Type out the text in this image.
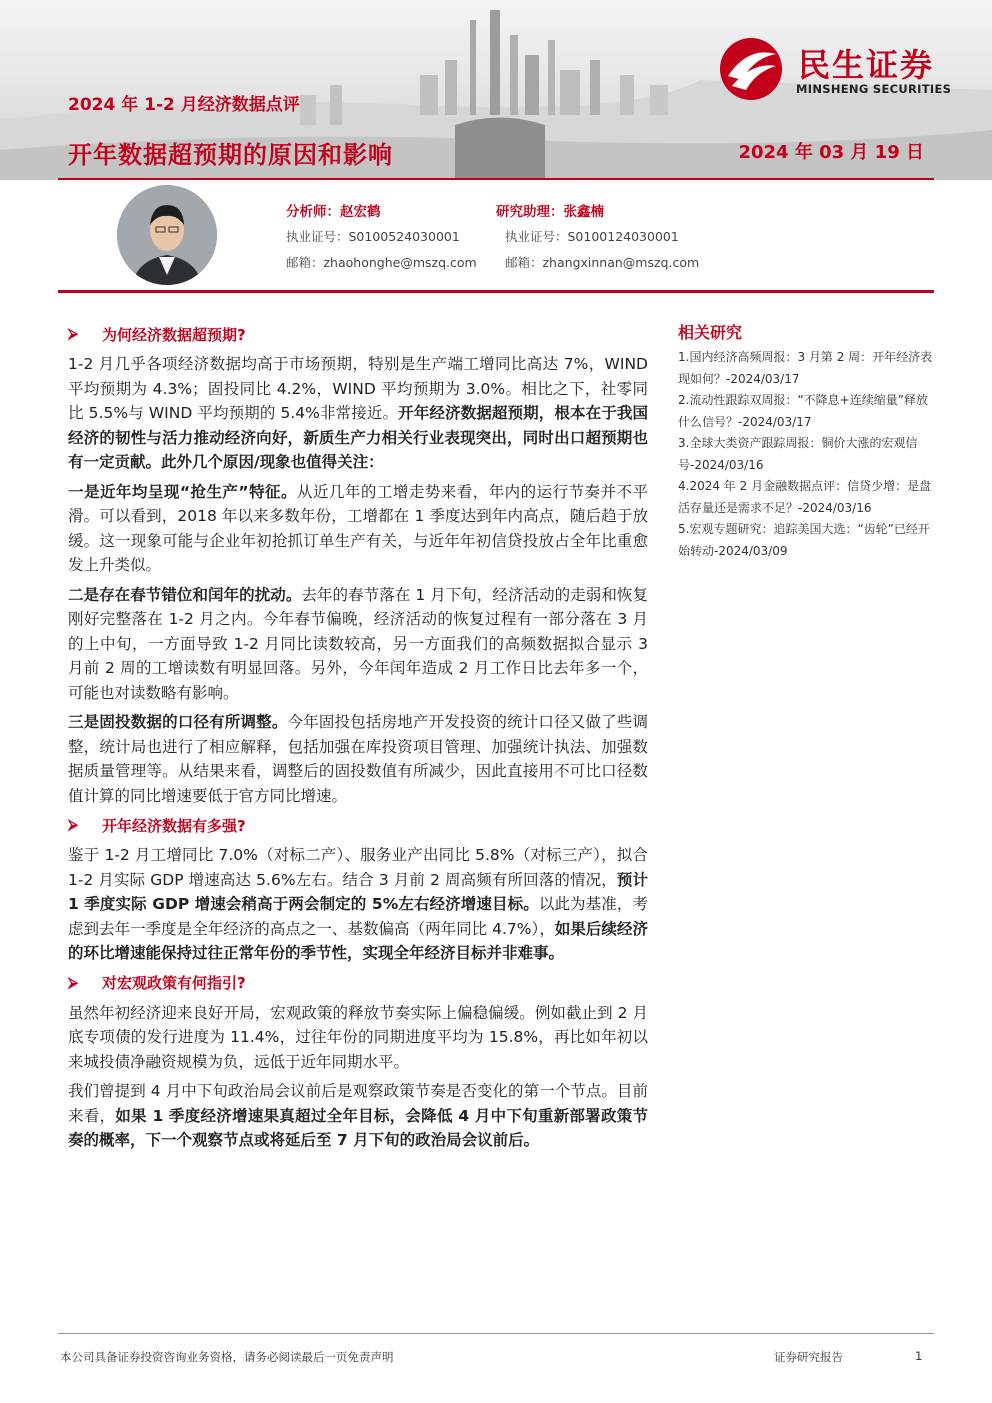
2024 年 1-2 月经济数据点评
开年数据超预期的原因和影响	2024 年 03 月 19 日
民生证券
MINSHENG SECURITIES
分析师：赵宏鹤
执业证号：S0100524030001
邮箱：zhaohonghe@mszq.com
研究助理：张鑫楠
执业证号：S0100124030001
邮箱：zhangxinnan@mszq.com
⮚	为何经济数据超预期?

1-2 月几乎各项经济数据均高于市场预期，特别是生产端工增同比高达 7%，WIND 平均预期为 4.3%；固投同比 4.2%，WIND 平均预期为 3.0%。相比之下，社零同比 5.5%与 WIND 平均预期的 5.4%非常接近。开年经济数据超预期，根本在于我国经济的韧性与活力推动经济向好，新质生产力相关行业表现突出，同时出口超预期也有一定贡献。此外几个原因/现象也值得关注：

一是近年均呈现“抢生产”特征。从近几年的工增走势来看，年内的运行节奏并不平滑。可以看到，2018 年以来多数年份，工增都在 1 季度达到年内高点，随后趋于放缓。这一现象可能与企业年初抢抓订单生产有关，与近年年初信贷投放占全年比重愈发上升类似。

二是存在春节错位和闰年的扰动。去年的春节落在 1 月下旬，经济活动的走弱和恢复刚好完整落在 1-2 月之内。今年春节偏晚，经济活动的恢复过程有一部分落在 3 月的上中旬，一方面导致 1-2 月同比读数较高，另一方面我们的高频数据拟合显示 3 月前 2 周的工增读数有明显回落。另外，今年闰年造成 2 月工作日比去年多一个，可能也对读数略有影响。

三是固投数据的口径有所调整。今年固投包括房地产开发投资的统计口径又做了些调整，统计局也进行了相应解释，包括加强在库投资项目管理、加强统计执法、加强数据质量管理等。从结果来看，调整后的固投数值有所减少，因此直接用不可比口径数值计算的同比增速要低于官方同比增速。

⮚	开年经济数据有多强?

鉴于 1-2 月工增同比 7.0%（对标二产）、服务业产出同比 5.8%（对标三产），拟合 1-2 月实际 GDP 增速高达 5.6%左右。结合 3 月前 2 周高频有所回落的情况，预计 1 季度实际 GDP 增速会稍高于两会制定的 5%左右经济增速目标。以此为基准，考虑到去年一季度是全年经济的高点之一、基数偏高（两年同比 4.7%），如果后续经济的环比增速能保持过往正常年份的季节性，实现全年经济目标并非难事。

⮚	对宏观政策有何指引?

虽然年初经济迎来良好开局，宏观政策的释放节奏实际上偏稳偏缓。例如截止到 2 月底专项债的发行进度为 11.4%，过往年份的同期进度平均为 15.8%，再比如年初以来城投债净融资规模为负，远低于近年同期水平。

我们曾提到 4 月中下旬政治局会议前后是观察政策节奏是否变化的第一个节点。目前来看，如果 1 季度经济增速果真超过全年目标，会降低 4 月中下旬重新部署政策节奏的概率，下一个观察节点或将延后至 7 月下旬的政治局会议前后。

相关研究
1.国内经济高频周报：3 月第 2 周：开年经济表现如何？-2024/03/17
2.流动性跟踪双周报：“不降息+连续缩量”释放什么信号？-2024/03/17
3.全球大类资产跟踪周报：铜价大涨的宏观信号-2024/03/16
4.2024 年 2 月金融数据点评：信贷少增：是盘活存量还是需求不足？-2024/03/16
5.宏观专题研究：追踪美国大选：“齿轮”已经开始转动-2024/03/09
本公司具备证券投资咨询业务资格，请务必阅读最后一页免责声明	证券研究报告	1
